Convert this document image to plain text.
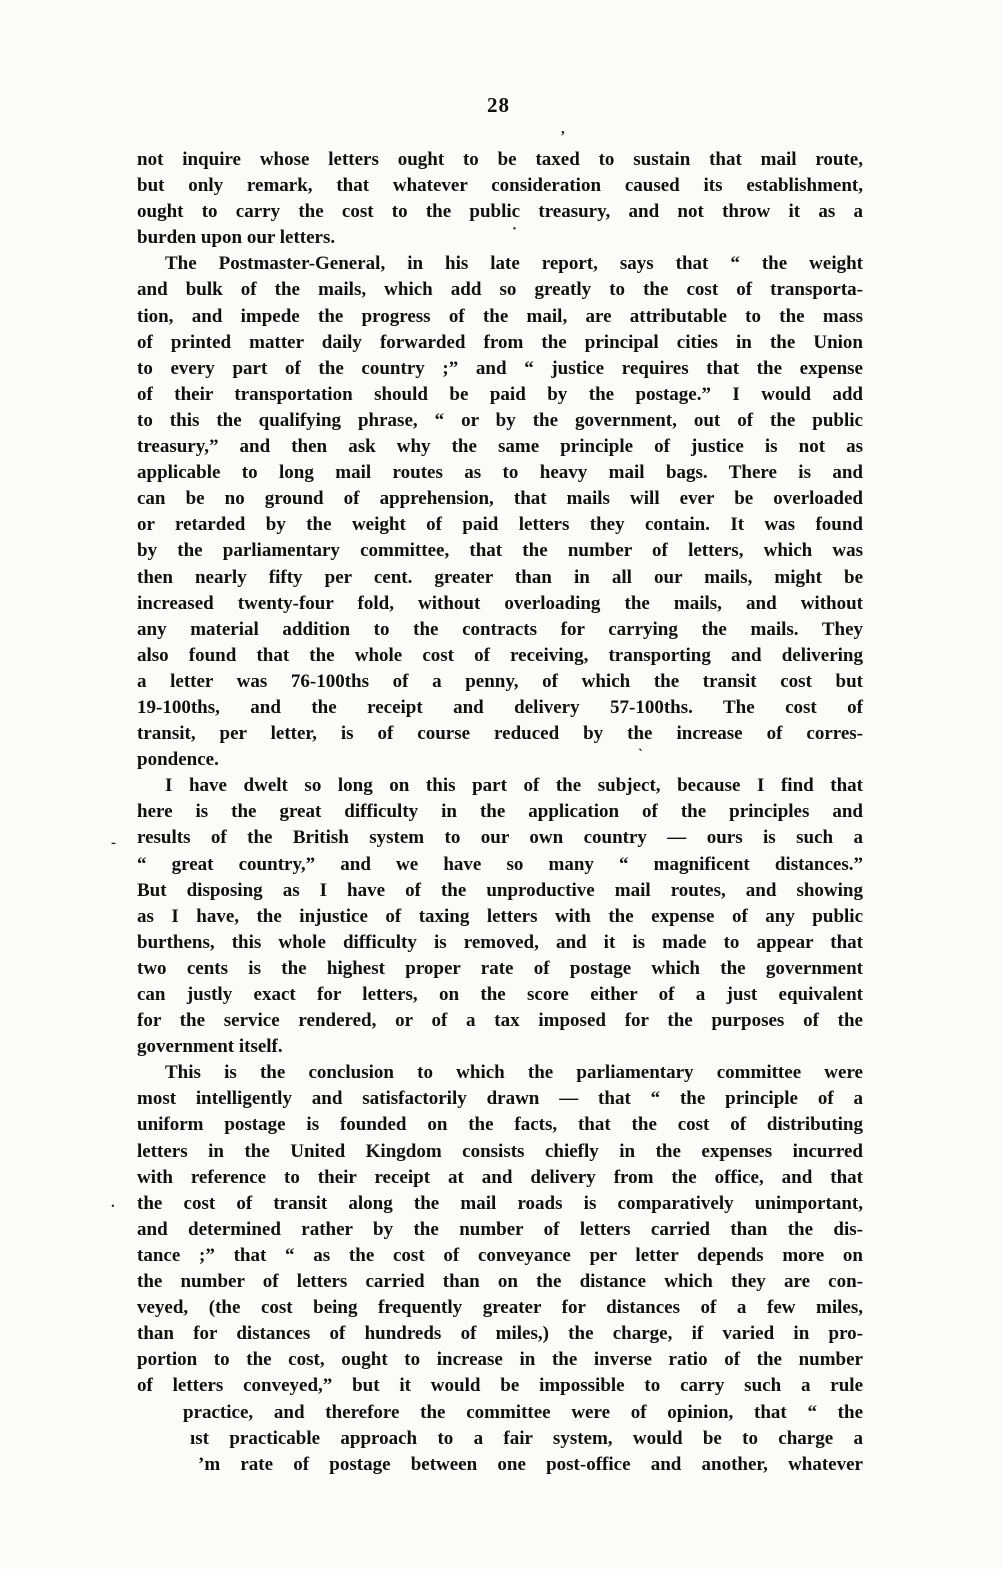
28
not inquire whose letters ought to be taxed to sustain that mail route,
but only remark, that whatever consideration caused its establishment,
ought to carry the cost to the public treasury, and not throw it as a
burden upon our letters.
The Postmaster-General, in his late report, says that “ the weight
and bulk of the mails, which add so greatly to the cost of transporta-
tion, and impede the progress of the mail, are attributable to the mass
of printed matter daily forwarded from the principal cities in the Union
to every part of the country ;” and “ justice requires that the expense
of their transportation should be paid by the postage.” I would add
to this the qualifying phrase, “ or by the government, out of the public
treasury,” and then ask why the same principle of justice is not as
applicable to long mail routes as to heavy mail bags. There is and
can be no ground of apprehension, that mails will ever be overloaded
or retarded by the weight of paid letters they contain. It was found
by the parliamentary committee, that the number of letters, which was
then nearly fifty per cent. greater than in all our mails, might be
increased twenty-four fold, without overloading the mails, and without
any material addition to the contracts for carrying the mails. They
also found that the whole cost of receiving, transporting and delivering
a letter was 76-100ths of a penny, of which the transit cost but
19-100ths, and the receipt and delivery 57-100ths. The cost of
transit, per letter, is of course reduced by the increase of corres-
pondence.
I have dwelt so long on this part of the subject, because I find that
here is the great difficulty in the application of the principles and
results of the British system to our own country — ours is such a
“ great country,” and we have so many “ magnificent distances.”
But disposing as I have of the unproductive mail routes, and showing
as I have, the injustice of taxing letters with the expense of any public
burthens, this whole difficulty is removed, and it is made to appear that
two cents is the highest proper rate of postage which the government
can justly exact for letters, on the score either of a just equivalent
for the service rendered, or of a tax imposed for the purposes of the
government itself.
This is the conclusion to which the parliamentary committee were
most intelligently and satisfactorily drawn — that “ the principle of a
uniform postage is founded on the facts, that the cost of distributing
letters in the United Kingdom consists chiefly in the expenses incurred
with reference to their receipt at and delivery from the office, and that
the cost of transit along the mail roads is comparatively unimportant,
and determined rather by the number of letters carried than the dis-
tance ;” that “ as the cost of conveyance per letter depends more on
the number of letters carried than on the distance which they are con-
veyed, (the cost being frequently greater for distances of a few miles,
than for distances of hundreds of miles,) the charge, if varied in pro-
portion to the cost, ought to increase in the inverse ratio of the number
of letters conveyed,” but it would be impossible to carry such a rule
practice, and therefore the committee were of opinion, that “ the
ıst practicable approach to a fair system, would be to charge a
’m rate of postage between one post-office and another, whatever
,
·
`
-
.
